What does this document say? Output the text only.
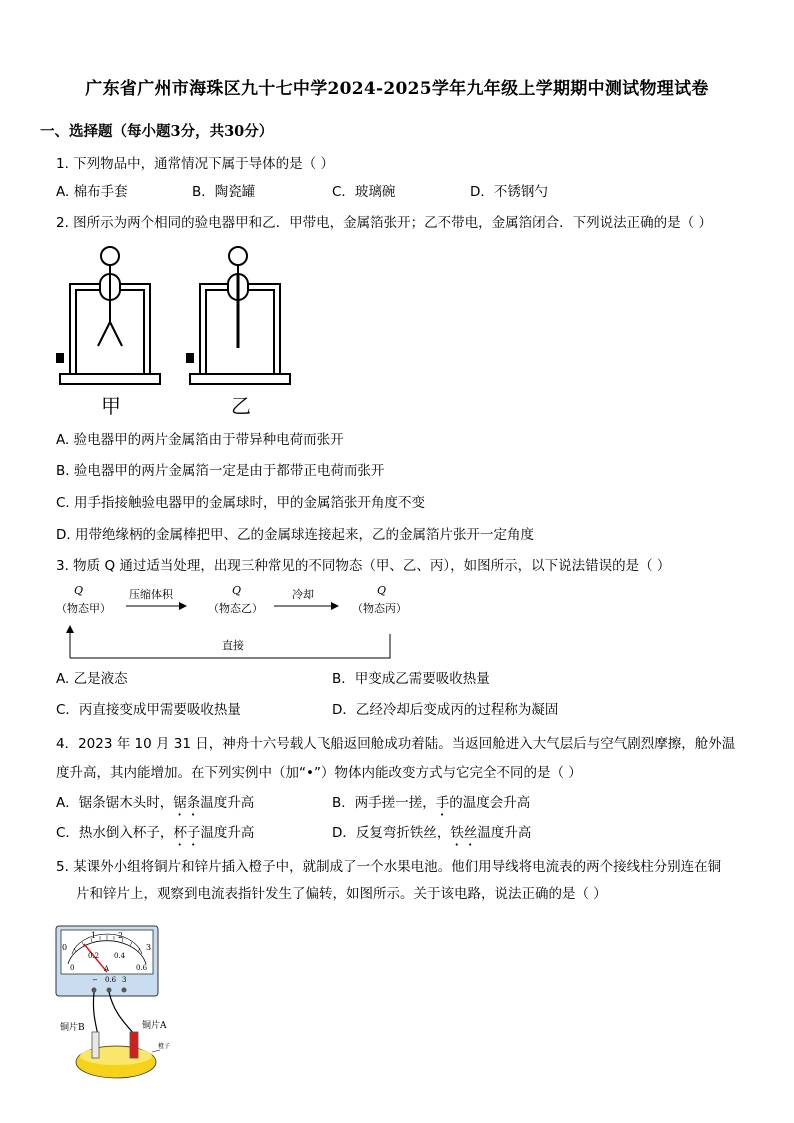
广东省广州市海珠区九十七中学2024-2025学年九年级上学期期中测试物理试卷
一、选择题（每小题3分，共30分）
1. 下列物品中，通常情况下属于导体的是（ ）
A. 棉布手套	B．陶瓷罐	C．玻璃碗	D．不锈钢勺
2. 图所示为两个相同的验电器甲和乙．甲带电，金属箔张开；乙不带电，金属箔闭合．下列说法正确的是（ ）
甲	乙
A. 验电器甲的两片金属箔由于带异种电荷而张开
B. 验电器甲的两片金属箔一定是由于都带正电荷而张开
C. 用手指接触验电器甲的金属球时，甲的金属箔张开角度不变
D. 用带绝缘柄的金属棒把甲、乙的金属球连接起来，乙的金属箔片张开一定角度
3. 物质 Q 通过适当处理，出现三种常见的不同物态（甲、乙、丙），如图所示，以下说法错误的是（ ）
Q
（物态甲）
压缩体积	Q
（物态乙）
冷却	Q
（物态丙）
直接
A. 乙是液态	B．甲变成乙需要吸收热量
C．丙直接变成甲需要吸收热量	D．乙经冷却后变成丙的过程称为凝固
4．2023 年 10 月 31 日，神舟十六号载人飞船返回舱成功着陆。当返回舱进入大气层后与空气剧烈摩擦，舱外温
度升高，其内能增加。在下列实例中（加“•”）物体内能改变方式与它完全不同的是（ ）
A．锯条锯木头时，锯条温度升高	B．两手搓一搓，手的温度会升高
C．热水倒入杯子，杯子温度升高	D．反复弯折铁丝，铁丝温度升高
5. 某课外小组将铜片和锌片插入橙子中，就制成了一个水果电池。他们用导线将电流表的两个接线柱分别连在铜
片和锌片上，观察到电流表指针发生了偏转，如图所示。关于该电路，说法正确的是（ ）
0
1	2
3
0
0.2 0.4
0.6
A
− 0.6 3
铜片B	铜片A
橙子
